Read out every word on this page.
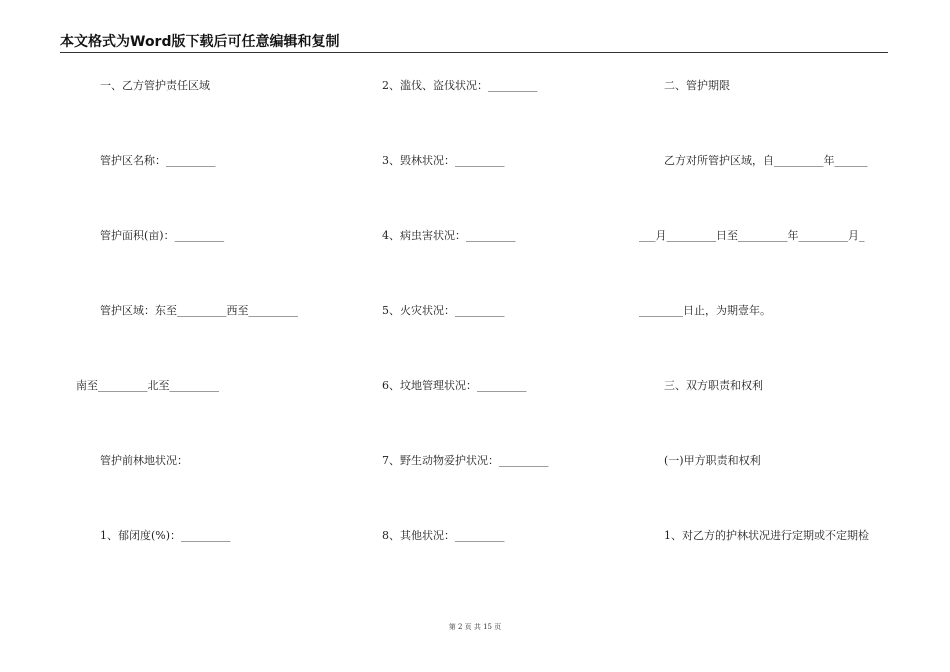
本文格式为Word版下载后可任意编辑和复制
一、乙方管护责任区域
管护区名称：_________
管护面积(亩)：_________
管护区域：东至_________西至_________
南至_________北至_________
管护前林地状况：
1、郁闭度(%)：_________
2、滥伐、盗伐状况：_________
3、毁林状况：_________
4、病虫害状况：_________
5、火灾状况：_________
6、坟地管理状况：_________
7、野生动物爱护状况：_________
8、其他状况：_________
二、管护期限
乙方对所管护区域，自_________年______
___月_________日至_________年_________月_
________日止，为期壹年。
三、双方职责和权利
(一)甲方职责和权利
1、对乙方的护林状况进行定期或不定期检
第 2 页 共 15 页
